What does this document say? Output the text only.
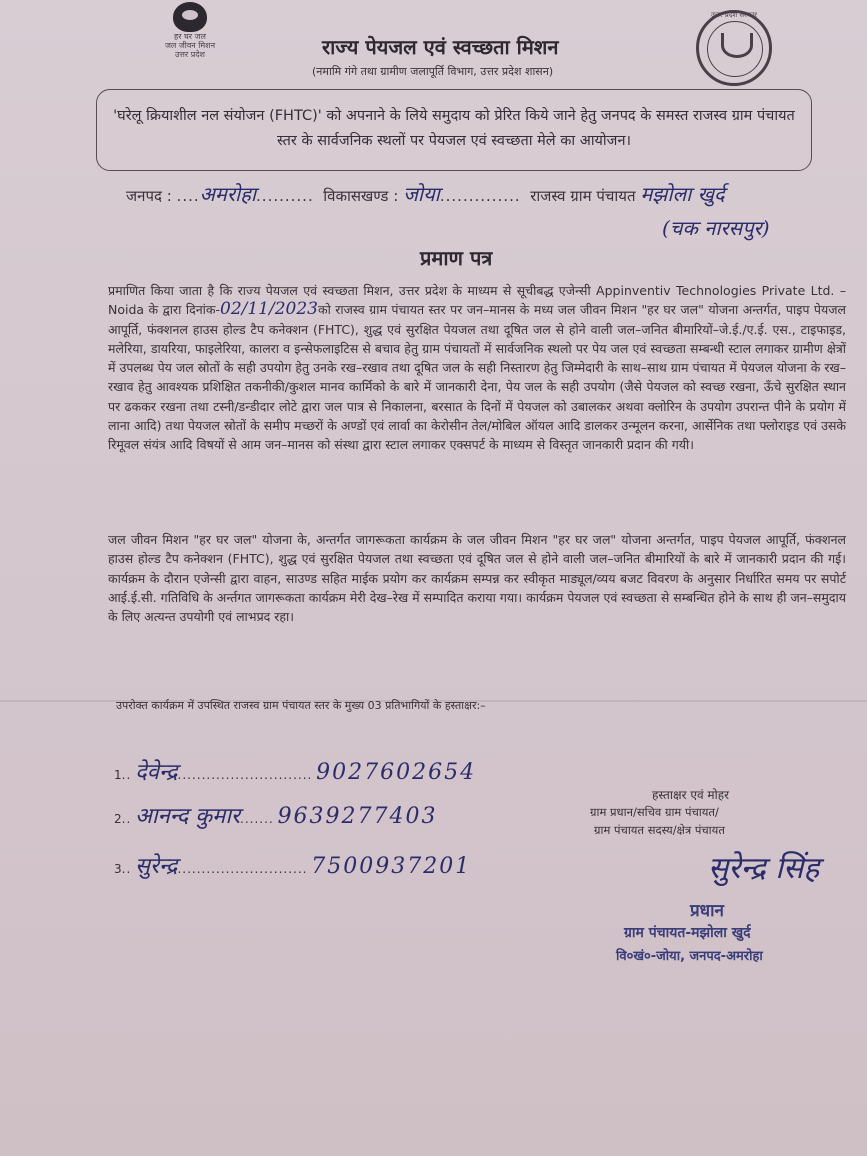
हर घर जल
जल जीवन मिशन
उत्तर प्रदेश
उत्तर प्रदेश सरकार
राज्य पेयजल एवं स्वच्छता मिशन
(नमामि गंगे तथा ग्रामीण जलापूर्ति विभाग, उत्तर प्रदेश शासन)
'घरेलू क्रियाशील नल संयोजन (FHTC)' को अपनाने के लिये समुदाय को प्रेरित किये जाने हेतु जनपद के समस्त राजस्व ग्राम पंचायत स्तर के सार्वजनिक स्थलों पर पेयजल एवं स्वच्छता मेले का आयोजन।
जनपद : ....अमरोहा.......... विकासखण्ड : जोया.............. राजस्व ग्राम पंचायत मझोला खुर्द
(चक नारसपुर)
प्रमाण पत्र
प्रमाणित किया जाता है कि राज्य पेयजल एवं स्वच्छता मिशन, उत्तर प्रदेश के माध्यम से सूचीबद्ध एजेन्सी Appinventiv Technologies Private Ltd. – Noida के द्वारा दिनांक-02/11/2023को राजस्व ग्राम पंचायत स्तर पर जन–मानस के मध्य जल जीवन मिशन "हर घर जल" योजना अन्तर्गत, पाइप पेयजल आपूर्ति, फंक्शनल हाउस होल्ड टैप कनेक्शन (FHTC), शुद्ध एवं सुरक्षित पेयजल तथा दूषित जल से होने वाली जल–जनित बीमारियों–जे.ई./ए.ई. एस., टाइफाइड, मलेरिया, डायरिया, फाइलेरिया, कालरा व इन्सेफलाइटिस से बचाव हेतु ग्राम पंचायतों में सार्वजनिक स्थलो पर पेय जल एवं स्वच्छता सम्बन्धी स्टाल लगाकर ग्रामीण क्षेत्रों में उपलब्ध पेय जल स्रोतों के सही उपयोग हेतु उनके रख–रखाव तथा दूषित जल के सही निस्तारण हेतु जिम्मेदारी के साथ–साथ ग्राम पंचायत में पेयजल योजना के रख–रखाव हेतु आवश्यक प्रशिक्षित तकनीकी/कुशल मानव कार्मिको के बारे में जानकारी देना, पेय जल के सही उपयोग (जैसे पेयजल को स्वच्छ रखना, ऊँचे सुरक्षित स्थान पर ढककर रखना तथा टस्नी/डन्डीदार लोटे द्वारा जल पात्र से निकालना, बरसात के दिनों में पेयजल को उबालकर अथवा क्लोरिन के उपयोग उपरान्त पीने के प्रयोग में लाना आदि) तथा पेयजल स्रोतों के समीप मच्छरों के अण्डों एवं लार्वा का केरोसीन तेल/मोबिल ऑयल आदि डालकर उन्मूलन करना, आर्सेनिक तथा फ्लोराइड एवं उसके रिमूवल संयंत्र आदि विषयों से आम जन–मानस को संस्था द्वारा स्टाल लगाकर एक्सपर्ट के माध्यम से विस्तृत जानकारी प्रदान की गयी।
जल जीवन मिशन "हर घर जल" योजना के, अन्तर्गत जागरूकता कार्यक्रम के जल जीवन मिशन "हर घर जल" योजना अन्तर्गत, पाइप पेयजल आपूर्ति, फंक्शनल हाउस होल्ड टैप कनेक्शन (FHTC), शुद्ध एवं सुरक्षित पेयजल तथा स्वच्छता एवं दूषित जल से होने वाली जल–जनित बीमारियों के बारे में जानकारी प्रदान की गई। कार्यक्रम के दौरान एजेन्सी द्वारा वाहन, साउण्ड सहित माईक प्रयोग कर कार्यक्रम सम्पन्न कर स्वीकृत माड्यूल/व्यय बजट विवरण के अनुसार निर्धारित समय पर सपोर्ट आई.ई.सी. गतिविधि के अर्न्तगत जागरूकता कार्यक्रम मेरी देख–रेख में सम्पादित कराया गया। कार्यक्रम पेयजल एवं स्वच्छता से सम्बन्धित होने के साथ ही जन–समुदाय के लिए अत्यन्त उपयोगी एवं लाभप्रद रहा।
उपरोक्त कार्यक्रम में उपस्थित राजस्व ग्राम पंचायत स्तर के मुख्य 03 प्रतिभागियों के हस्ताक्षर:–
1.. देवेन्द्र............................ 9027602654
2.. आनन्द कुमार....... 9639277403
3.. सुरेन्द्र........................... 7500937201
हस्ताक्षर एवं मोहर
ग्राम प्रधान/सचिव ग्राम पंचायत/
ग्राम पंचायत सदस्य/क्षेत्र पंचायत
सुरेन्द्र सिंह
प्रधान
ग्राम पंचायत-मझोला खुर्द
वि०खं०-जोया, जनपद-अमरोहा
